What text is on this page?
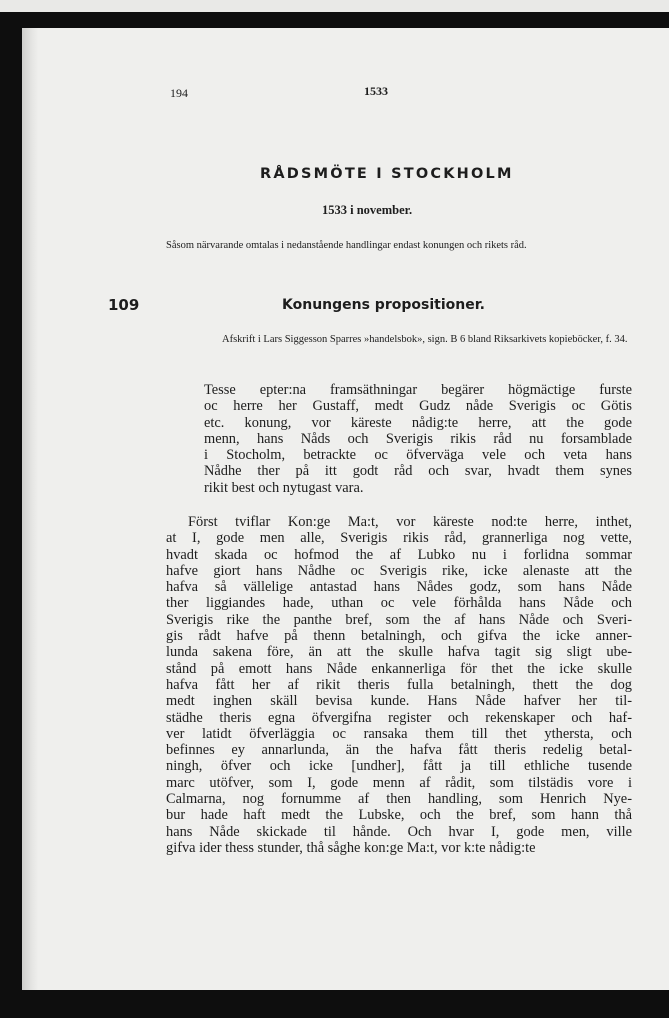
194	1533
RÅDSMÖTE I STOCKHOLM
1533 i november.
Såsom närvarande omtalas i nedanstående handlingar endast konungen och rikets råd.
109	Konungens propositioner.
Afskrift i Lars Siggesson Sparres »handelsbok», sign. B 6 bland Riksarkivets kopieböcker, f. 34.
Tesse epter:na framsäthningar begärer högmäctige furste
oc herre her Gustaff, medt Gudz nåde Sverigis oc Götis
etc. konung, vor käreste nådig:te herre, att the gode
menn, hans Nåds och Sverigis rikis råd nu forsamblade
i Stocholm, betrackte oc öfverväga vele och veta hans
Nådhe ther på itt godt råd och svar, hvadt them synes
rikit best och nytugast vara.
Först tviflar Kon:ge Ma:t, vor käreste nod:te herre, inthet,
at I, gode men alle, Sverigis rikis råd, grannerliga nog vette,
hvadt skada oc hofmod the af Lubko nu i forlidna sommar
hafve giort hans Nådhe oc Sverigis rike, icke alenaste att the
hafva så vällelige antastad hans Nådes godz, som hans Nåde
ther liggiandes hade, uthan oc vele förhålda hans Nåde och
Sverigis rike the panthe bref, som the af hans Nåde och Sveri-
gis rådt hafve på thenn betalningh, och gifva the icke anner-
lunda sakena före, än att the skulle hafva tagit sig sligt ube-
stånd på emott hans Nåde enkannerliga för thet the icke skulle
hafva fått her af rikit theris fulla betalningh, thett the dog
medt inghen skäll bevisa kunde. Hans Nåde hafver her til-
städhe theris egna öfvergifna register och rekenskaper och haf-
ver latidt öfverläggia oc ransaka them till thet ythersta, och
befinnes ey annarlunda, än the hafva fått theris redelig betal-
ningh, öfver och icke [undher], fått ja till ethliche tusende
marc utöfver, som I, gode menn af rådit, som tilstädis vore i
Calmarna, nog fornumme af then handling, som Henrich Nye-
bur hade haft medt the Lubske, och the bref, som hann thå
hans Nåde skickade til hånde. Och hvar I, gode men, ville
gifva ider thess stunder, thå såghe kon:ge Ma:t, vor k:te nådig:te
